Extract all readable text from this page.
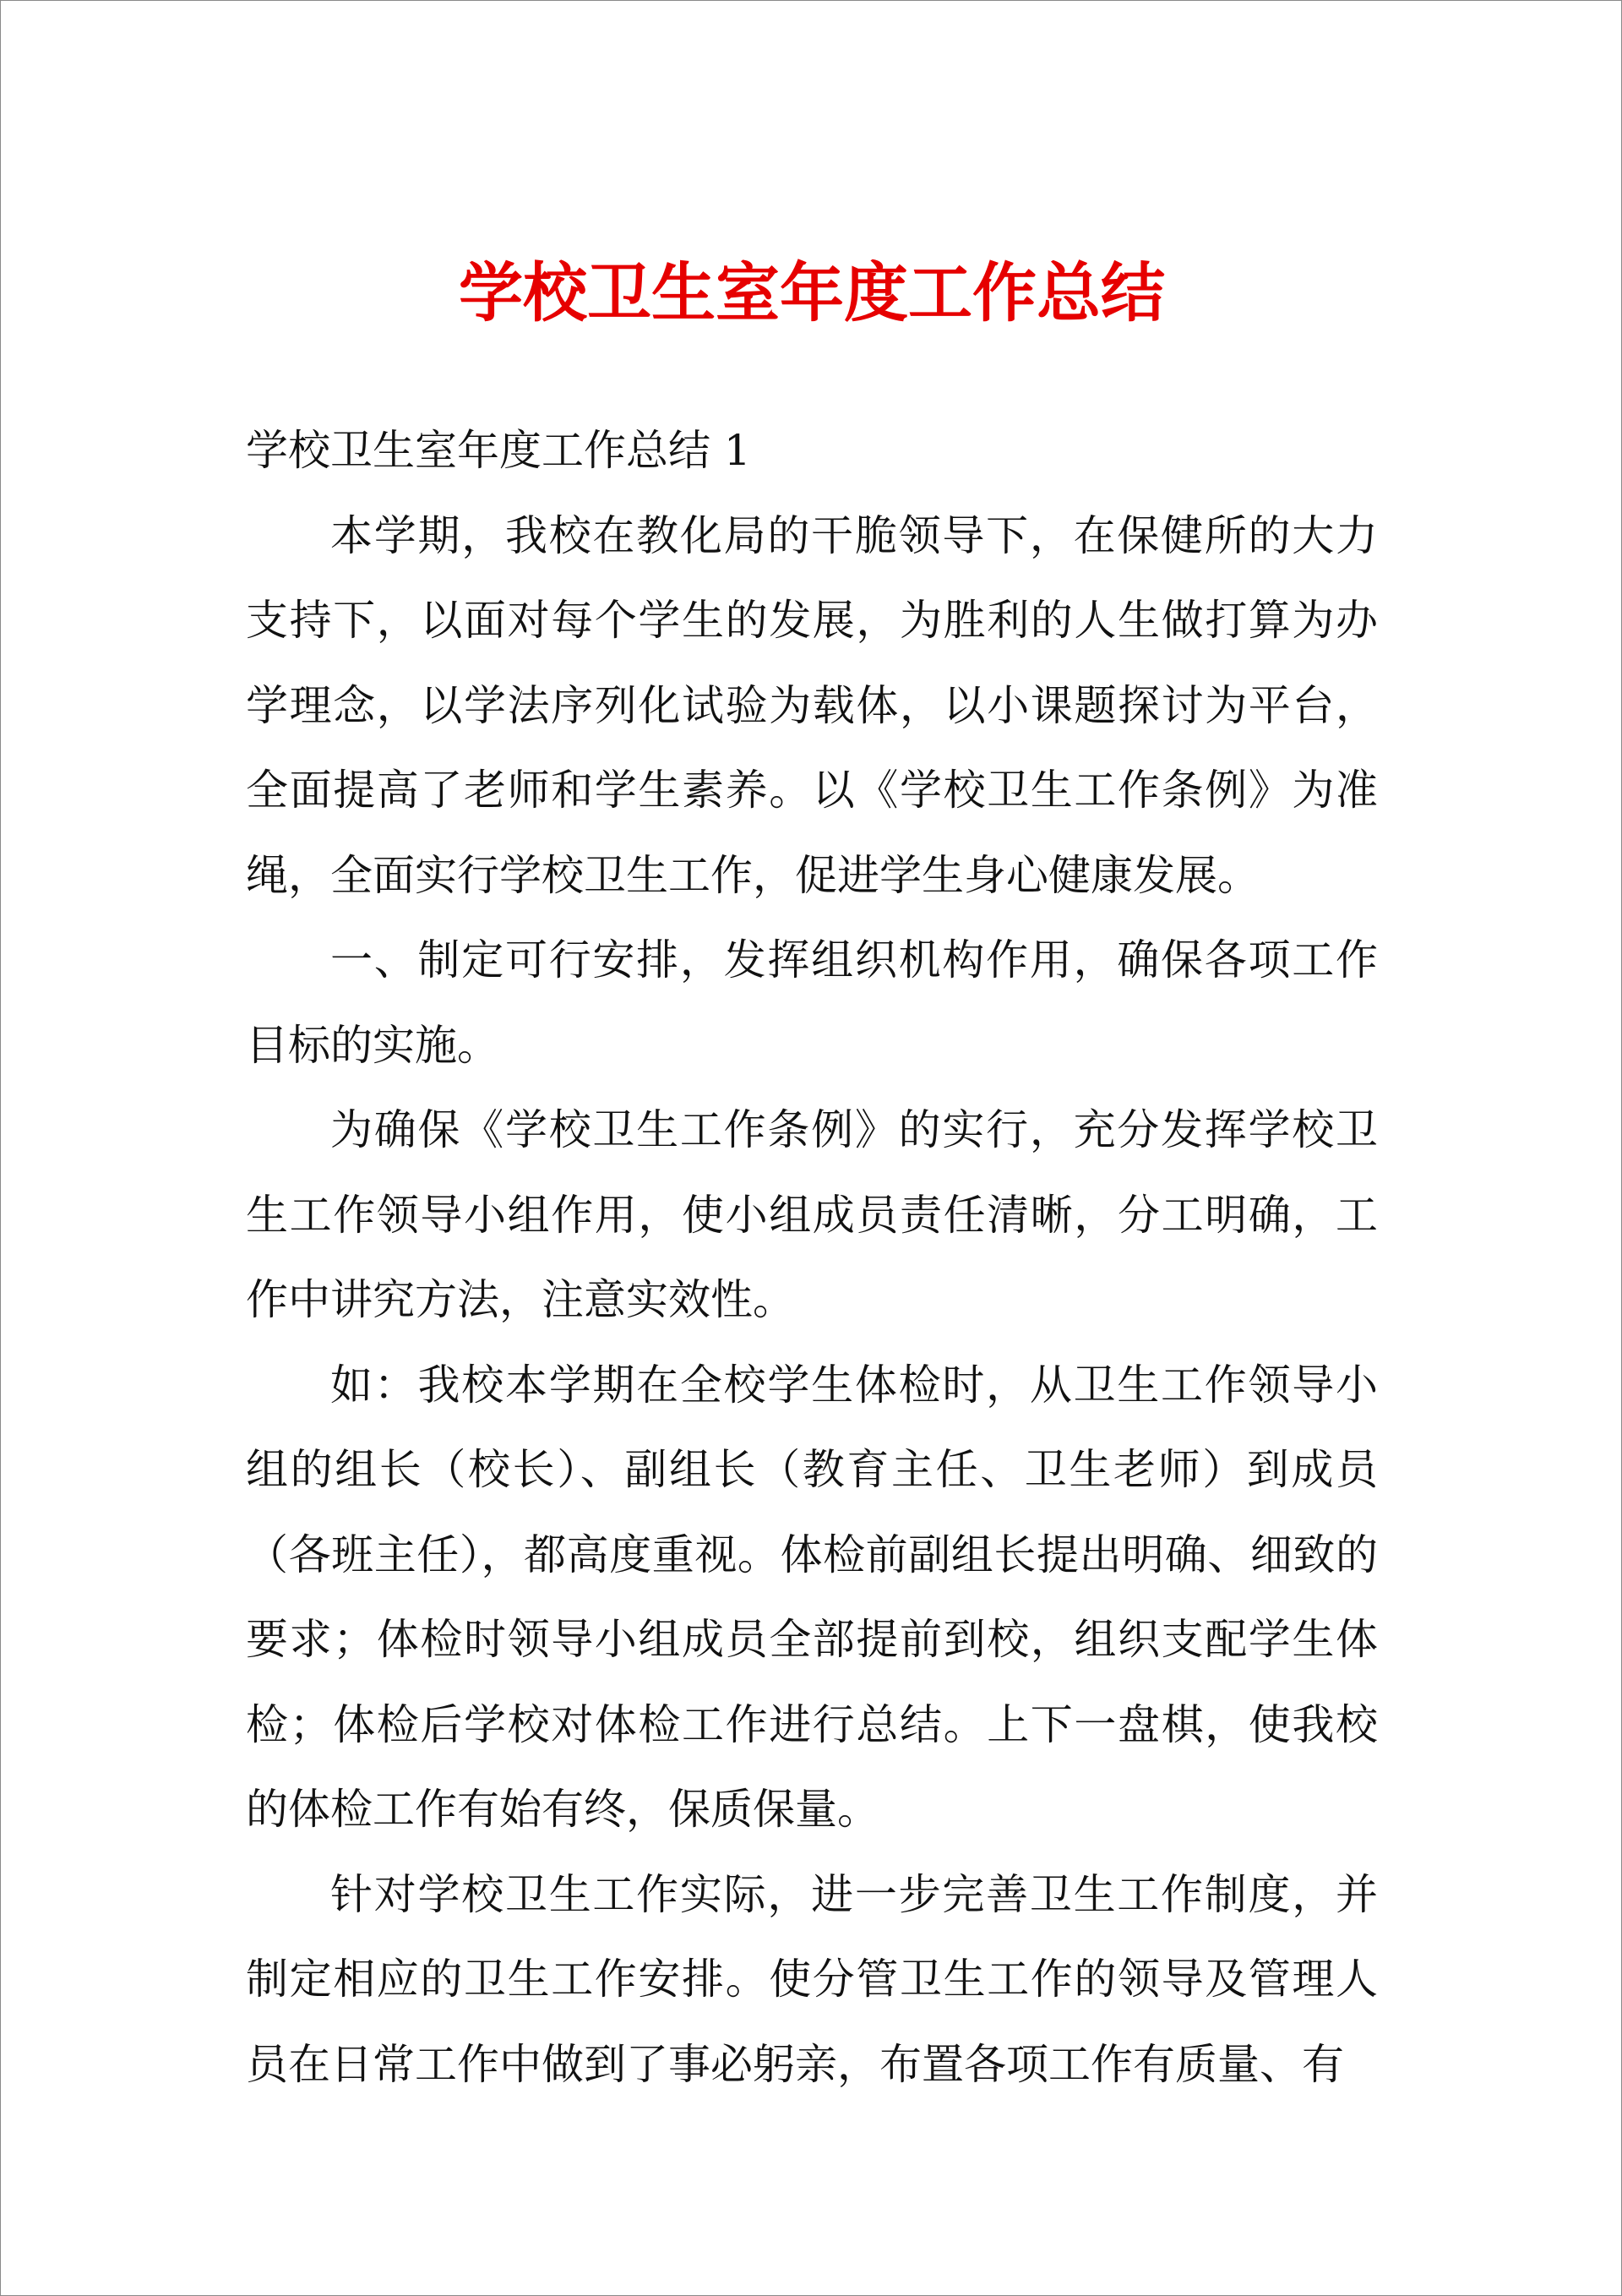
学校卫生室年度工作总结

学校卫生室年度工作总结 1

本学期，我校在教化局的干脆领导下，在保健所的大力支持下，以面对每个学生的发展，为胜利的人生做打算为办学理念，以学法序列化试验为载体，以小课题探讨为平台，全面提高了老师和学生素养。以《学校卫生工作条例》为准绳，全面实行学校卫生工作，促进学生身心健康发展。

一、制定可行安排，发挥组织机构作用，确保各项工作目标的实施。

为确保《学校卫生工作条例》的实行，充分发挥学校卫生工作领导小组作用，使小组成员责任清晰，分工明确，工作中讲究方法，注意实效性。

如：我校本学期在全校学生体检时，从卫生工作领导小组的组长（校长）、副组长（教育主任、卫生老师）到成员（各班主任），都高度重视。体检前副组长提出明确、细致的要求；体检时领导小组成员全部提前到校，组织支配学生体检；体检后学校对体检工作进行总结。上下一盘棋，使我校的体检工作有始有终，保质保量。

针对学校卫生工作实际，进一步完善卫生工作制度，并制定相应的卫生工作安排。使分管卫生工作的领导及管理人员在日常工作中做到了事必躬亲，布置各项工作有质量、有
